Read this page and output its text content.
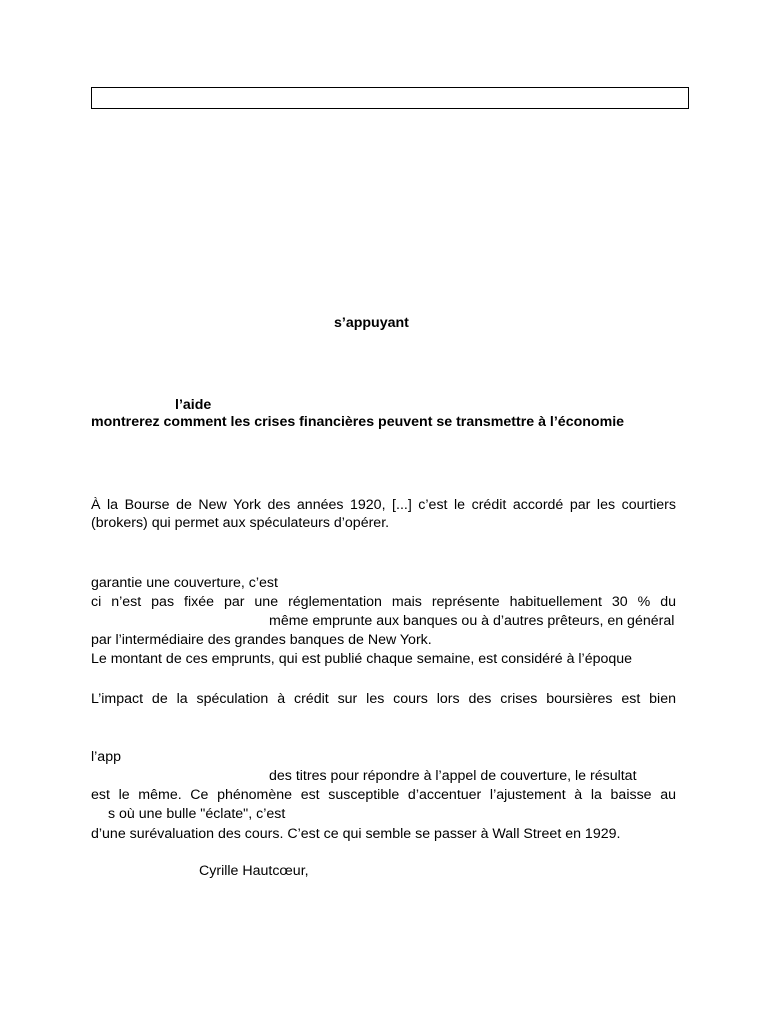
s’appuyant
l’aide
montrerez comment les crises financières peuvent se transmettre à l’économie
À la Bourse de New York des années 1920, [...] c’est le crédit accordé par les courtiers
(brokers) qui permet aux spéculateurs d’opérer.
garantie une couverture, c’est
ci n’est pas fixée par une réglementation mais représente habituellement 30 % du
même emprunte aux banques ou à d’autres prêteurs, en général
par l’intermédiaire des grandes banques de New York.
Le montant de ces emprunts, qui est publié chaque semaine, est considéré à l’époque
L’impact de la spéculation à crédit sur les cours lors des crises boursières est bien
l’app
des titres pour répondre à l’appel de couverture, le résultat
est le même. Ce phénomène est susceptible d’accentuer l’ajustement à la baisse au
s où une bulle "éclate", c’est
d’une surévaluation des cours. C’est ce qui semble se passer à Wall Street en 1929.
Cyrille Hautcœur,
